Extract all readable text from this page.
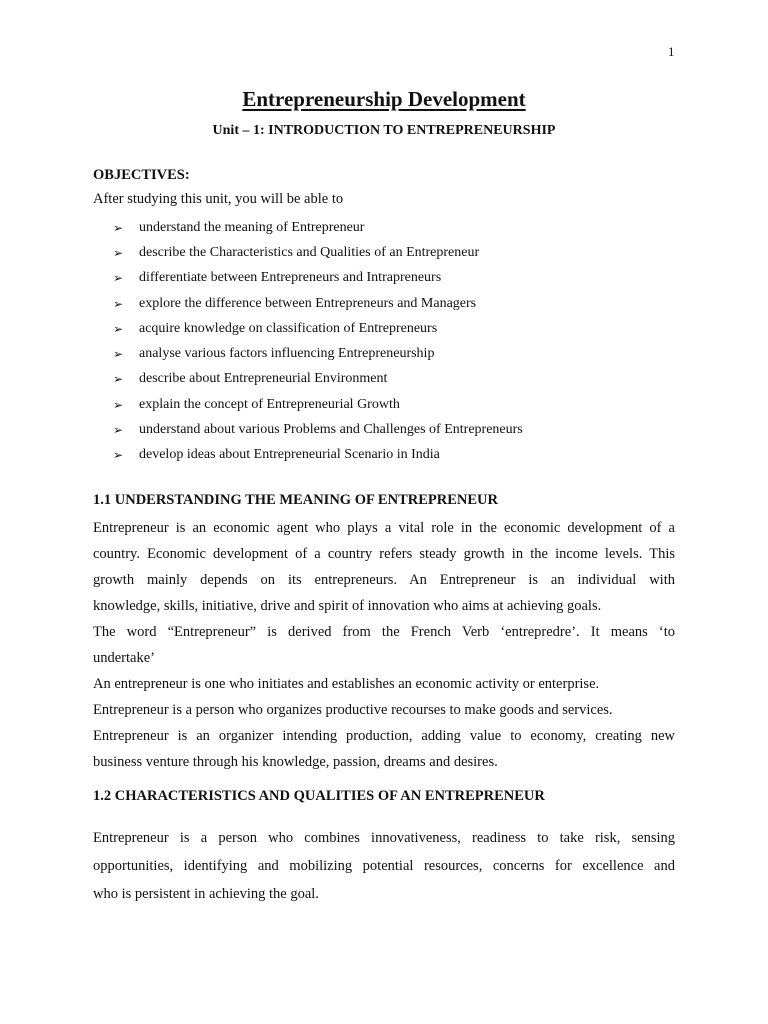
1
Entrepreneurship Development
Unit – 1: INTRODUCTION TO ENTREPRENEURSHIP
OBJECTIVES:
After studying this unit, you will be able to
➢	understand the meaning of Entrepreneur
➢	describe the Characteristics and Qualities of an Entrepreneur
➢	differentiate between Entrepreneurs and Intrapreneurs
➢	explore the difference between Entrepreneurs and Managers
➢	acquire knowledge on classification of Entrepreneurs
➢	analyse various factors influencing Entrepreneurship
➢	describe about Entrepreneurial Environment
➢	explain the concept of Entrepreneurial Growth
➢	understand about various Problems and Challenges of Entrepreneurs
➢	develop ideas about Entrepreneurial Scenario in India
1.1 UNDERSTANDING THE MEANING OF ENTREPRENEUR
Entrepreneur is an economic agent who plays a vital role in the economic development of a
country. Economic development of a country refers steady growth in the income levels. This
growth mainly depends on its entrepreneurs. An Entrepreneur is an individual with
knowledge, skills, initiative, drive and spirit of innovation who aims at achieving goals.
The word “Entrepreneur” is derived from the French Verb ‘entrepredre’. It means ‘to
undertake’
An entrepreneur is one who initiates and establishes an economic activity or enterprise.
Entrepreneur is a person who organizes productive recourses to make goods and services.
Entrepreneur is an organizer intending production, adding value to economy, creating new
business venture through his knowledge, passion, dreams and desires.
1.2 CHARACTERISTICS AND QUALITIES OF AN ENTREPRENEUR
Entrepreneur is a person who combines innovativeness, readiness to take risk, sensing
opportunities, identifying and mobilizing potential resources, concerns for excellence and
who is persistent in achieving the goal.
